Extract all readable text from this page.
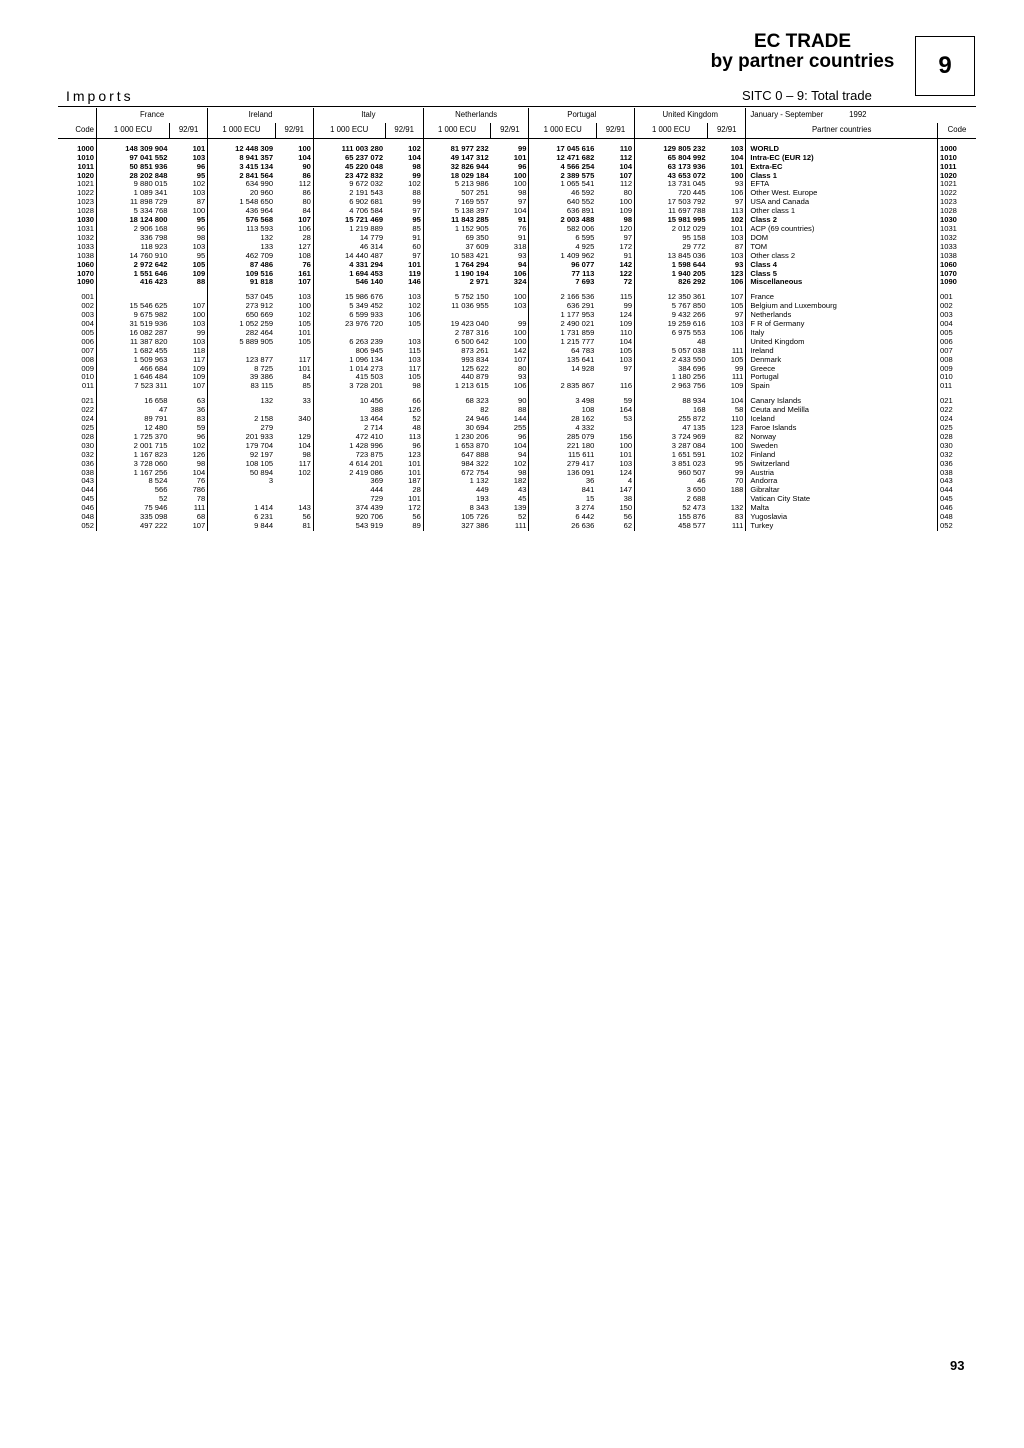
EC TRADE
by partner countries	9
Imports	SITC 0 – 9: Total trade
	France		Ireland		Italy		Netherlands		Portugal		United Kingdom		January - September 1992	
Code	1 000 ECU	92/91	1 000 ECU	92/91	1 000 ECU	92/91	1 000 ECU	92/91	1 000 ECU	92/91	1 000 ECU	92/91	Partner countries	Code
1000	148 309 904	101	12 448 309	100	111 003 280	102	81 977 232	99	17 045 616	110	129 805 232	103	WORLD	1000
1010	97 041 552	103	8 941 357	104	65 237 072	104	49 147 312	101	12 471 682	112	65 804 992	104	Intra-EC (EUR 12)	1010
1011	50 851 936	96	3 415 134	90	45 220 048	98	32 826 944	96	4 566 254	104	63 173 936	101	Extra-EC	1011
1020	28 202 848	95	2 841 564	86	23 472 832	99	18 029 184	100	2 389 575	107	43 653 072	100	Class 1	1020
1021	9 880 015	102	634 990	112	9 672 032	102	5 213 986	100	1 065 541	112	13 731 045	93	EFTA	1021
1022	1 089 341	103	20 960	86	2 191 543	88	507 251	98	46 592	80	720 445	106	Other West. Europe	1022
1023	11 898 729	87	1 548 650	80	6 902 681	99	7 169 557	97	640 552	100	17 503 792	97	USA and Canada	1023
1028	5 334 768	100	436 964	84	4 706 584	97	5 138 397	104	636 891	109	11 697 788	113	Other class 1	1028
1030	18 124 800	95	576 568	107	15 721 469	95	11 843 285	91	2 003 488	98	15 981 995	102	Class 2	1030
1031	2 906 168	96	113 593	106	1 219 889	85	1 152 905	76	582 006	120	2 012 029	101	ACP (69 countries)	1031
1032	336 798	98	132	28	14 779	91	69 350	91	6 595	97	95 158	103	DOM	1032
1033	118 923	103	133	127	46 314	60	37 609	318	4 925	172	29 772	87	TOM	1033
1038	14 760 910	95	462 709	108	14 440 487	97	10 583 421	93	1 409 962	91	13 845 036	103	Other class 2	1038
1060	2 972 642	105	87 486	76	4 331 294	101	1 764 294	94	96 077	142	1 598 644	93	Class 4	1060
1070	1 551 646	109	109 516	161	1 694 453	119	1 190 194	106	77 113	122	1 940 205	123	Class 5	1070
1090	416 423	88	91 818	107	546 140	146	2 971	324	7 693	72	826 292	106	Miscellaneous	1090
001			537 045	103	15 986 676	103	5 752 150	100	2 166 536	115	12 350 361	107	France	001
002	15 546 625	107	273 912	100	5 349 452	102	11 036 955	103	636 291	99	5 767 850	105	Belgium and Luxembourg	002
003	9 675 982	100	650 669	102	6 599 933	106			1 177 953	124	9 432 266	97	Netherlands	003
004	31 519 936	103	1 052 259	105	23 976 720	105	19 423 040	99	2 490 021	109	19 259 616	103	F R of Germany	004
005	16 082 287	99	282 464	101			2 787 316	100	1 731 859	110	6 975 553	106	Italy	005
006	11 387 820	103	5 889 905	105	6 263 239	103	6 500 642	100	1 215 777	104	48		United Kingdom	006
007	1 682 455	118			806 945	115	873 261	142	64 783	105	5 057 038	111	Ireland	007
008	1 509 963	117	123 877	117	1 096 134	103	993 834	107	135 641	103	2 433 550	105	Denmark	008
009	466 684	109	8 725	101	1 014 273	117	125 622	80	14 928	97	384 696	99	Greece	009
010	1 646 484	109	39 386	84	415 503	105	440 879	93			1 180 256	111	Portugal	010
011	7 523 311	107	83 115	85	3 728 201	98	1 213 615	106	2 835 867	116	2 963 756	109	Spain	011
021	16 658	63	132	33	10 456	66	68 323	90	3 498	59	88 934	104	Canary Islands	021
022	47	36			388	126	82	88	108	164	168	58	Ceuta and Melilla	022
024	89 791	83	2 158	340	13 464	52	24 946	144	28 162	53	255 872	110	Iceland	024
025	12 480	59	279		2 714	48	30 694	255	4 332		47 135	123	Faroe Islands	025
028	1 725 370	96	201 933	129	472 410	113	1 230 206	96	285 079	156	3 724 969	82	Norway	028
030	2 001 715	102	179 704	104	1 428 996	96	1 653 870	104	221 180	100	3 287 084	100	Sweden	030
032	1 167 823	126	92 197	98	723 875	123	647 888	94	115 611	101	1 651 591	102	Finland	032
036	3 728 060	98	108 105	117	4 614 201	101	984 322	102	279 417	103	3 851 023	95	Switzerland	036
038	1 167 256	104	50 894	102	2 419 086	101	672 754	98	136 091	124	960 507	99	Austria	038
043	8 524	76	3		369	187	1 132	182	36	4	46	70	Andorra	043
044	566	786			444	28	449	43	841	147	3 650	188	Gibraltar	044
045	52	78			729	101	193	45	15	38	2 688		Vatican City State	045
046	75 946	111	1 414	143	374 439	172	8 343	139	3 274	150	52 473	132	Malta	046
048	335 098	68	6 231	56	920 706	56	105 726	52	6 442	56	155 876	83	Yugoslavia	048
052	497 222	107	9 844	81	543 919	89	327 386	111	26 636	62	458 577	111	Turkey	052
93
